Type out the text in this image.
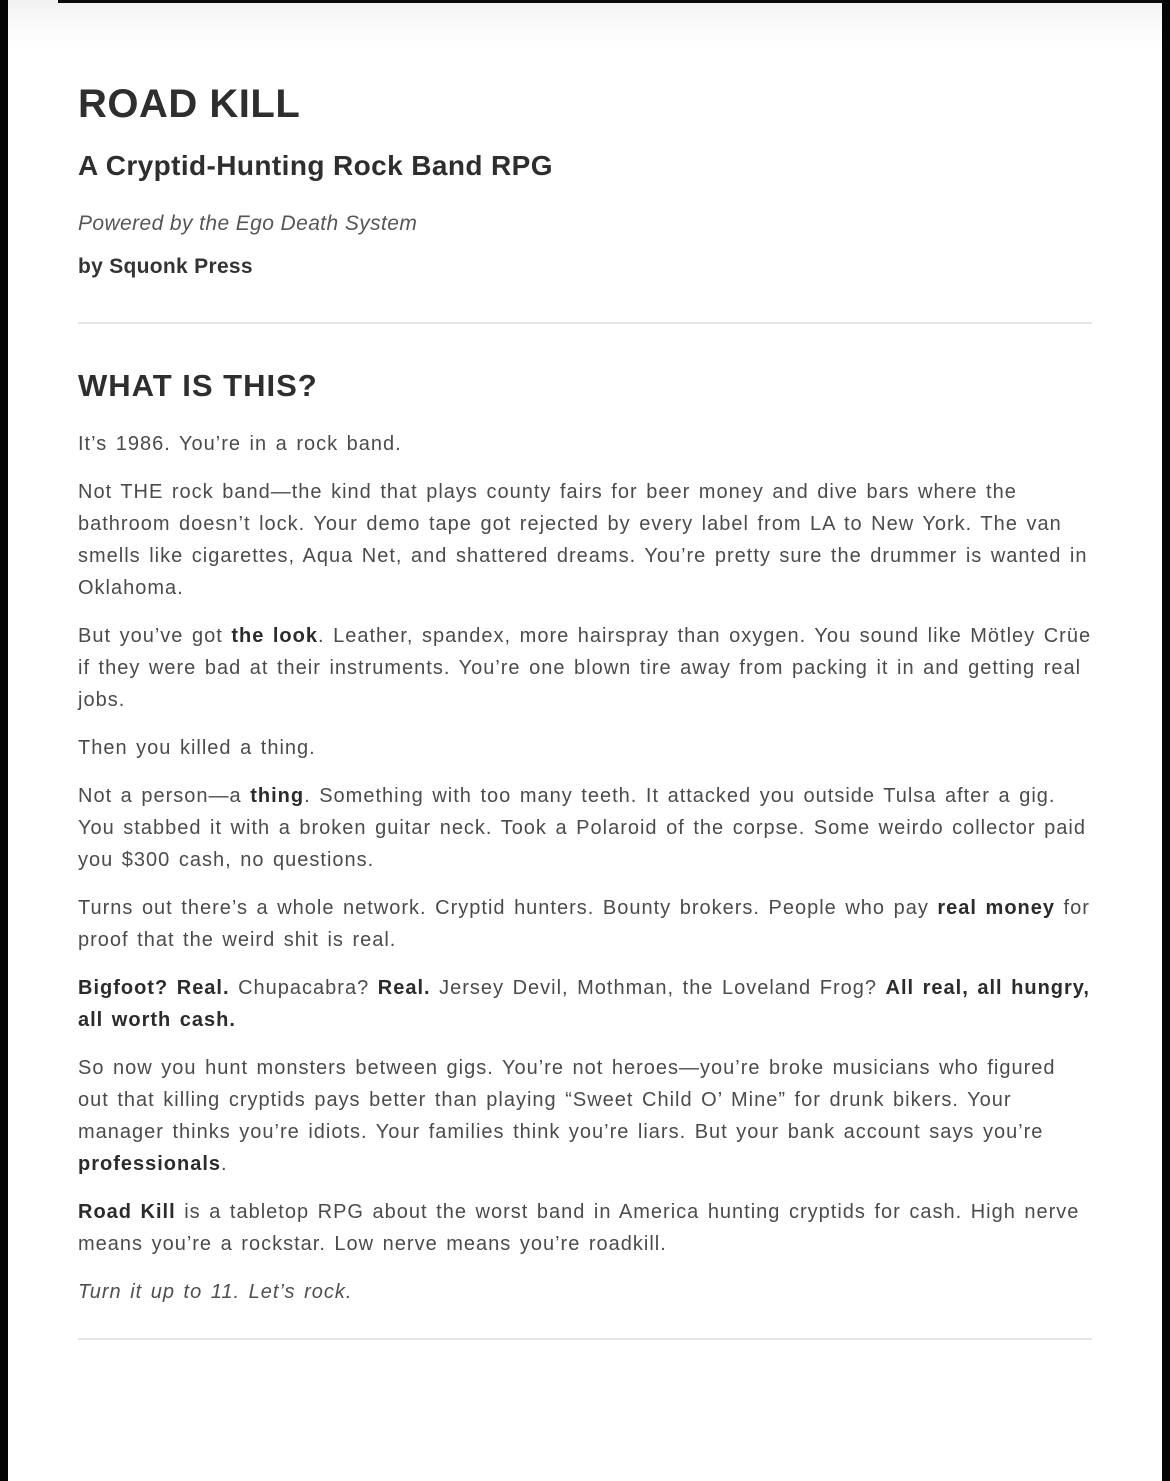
ROAD KILL
A Cryptid-Hunting Rock Band RPG

Powered by the Ego Death System

by Squonk Press

WHAT IS THIS?

It’s 1986. You’re in a rock band.

Not THE rock band—the kind that plays county fairs for beer money and dive bars where the bathroom doesn’t lock. Your demo tape got rejected by every label from LA to New York. The van smells like cigarettes, Aqua Net, and shattered dreams. You’re pretty sure the drummer is wanted in Oklahoma.

But you’ve got the look. Leather, spandex, more hairspray than oxygen. You sound like Mötley Crüe if they were bad at their instruments. You’re one blown tire away from packing it in and getting real jobs.

Then you killed a thing.

Not a person—a thing. Something with too many teeth. It attacked you outside Tulsa after a gig. You stabbed it with a broken guitar neck. Took a Polaroid of the corpse. Some weirdo collector paid you $300 cash, no questions.

Turns out there’s a whole network. Cryptid hunters. Bounty brokers. People who pay real money for proof that the weird shit is real.

Bigfoot? Real. Chupacabra? Real. Jersey Devil, Mothman, the Loveland Frog? All real, all hungry, all worth cash.

So now you hunt monsters between gigs. You’re not heroes—you’re broke musicians who figured out that killing cryptids pays better than playing “Sweet Child O’ Mine” for drunk bikers. Your manager thinks you’re idiots. Your families think you’re liars. But your bank account says you’re professionals.

Road Kill is a tabletop RPG about the worst band in America hunting cryptids for cash. High nerve means you’re a rockstar. Low nerve means you’re roadkill.

Turn it up to 11. Let’s rock.
